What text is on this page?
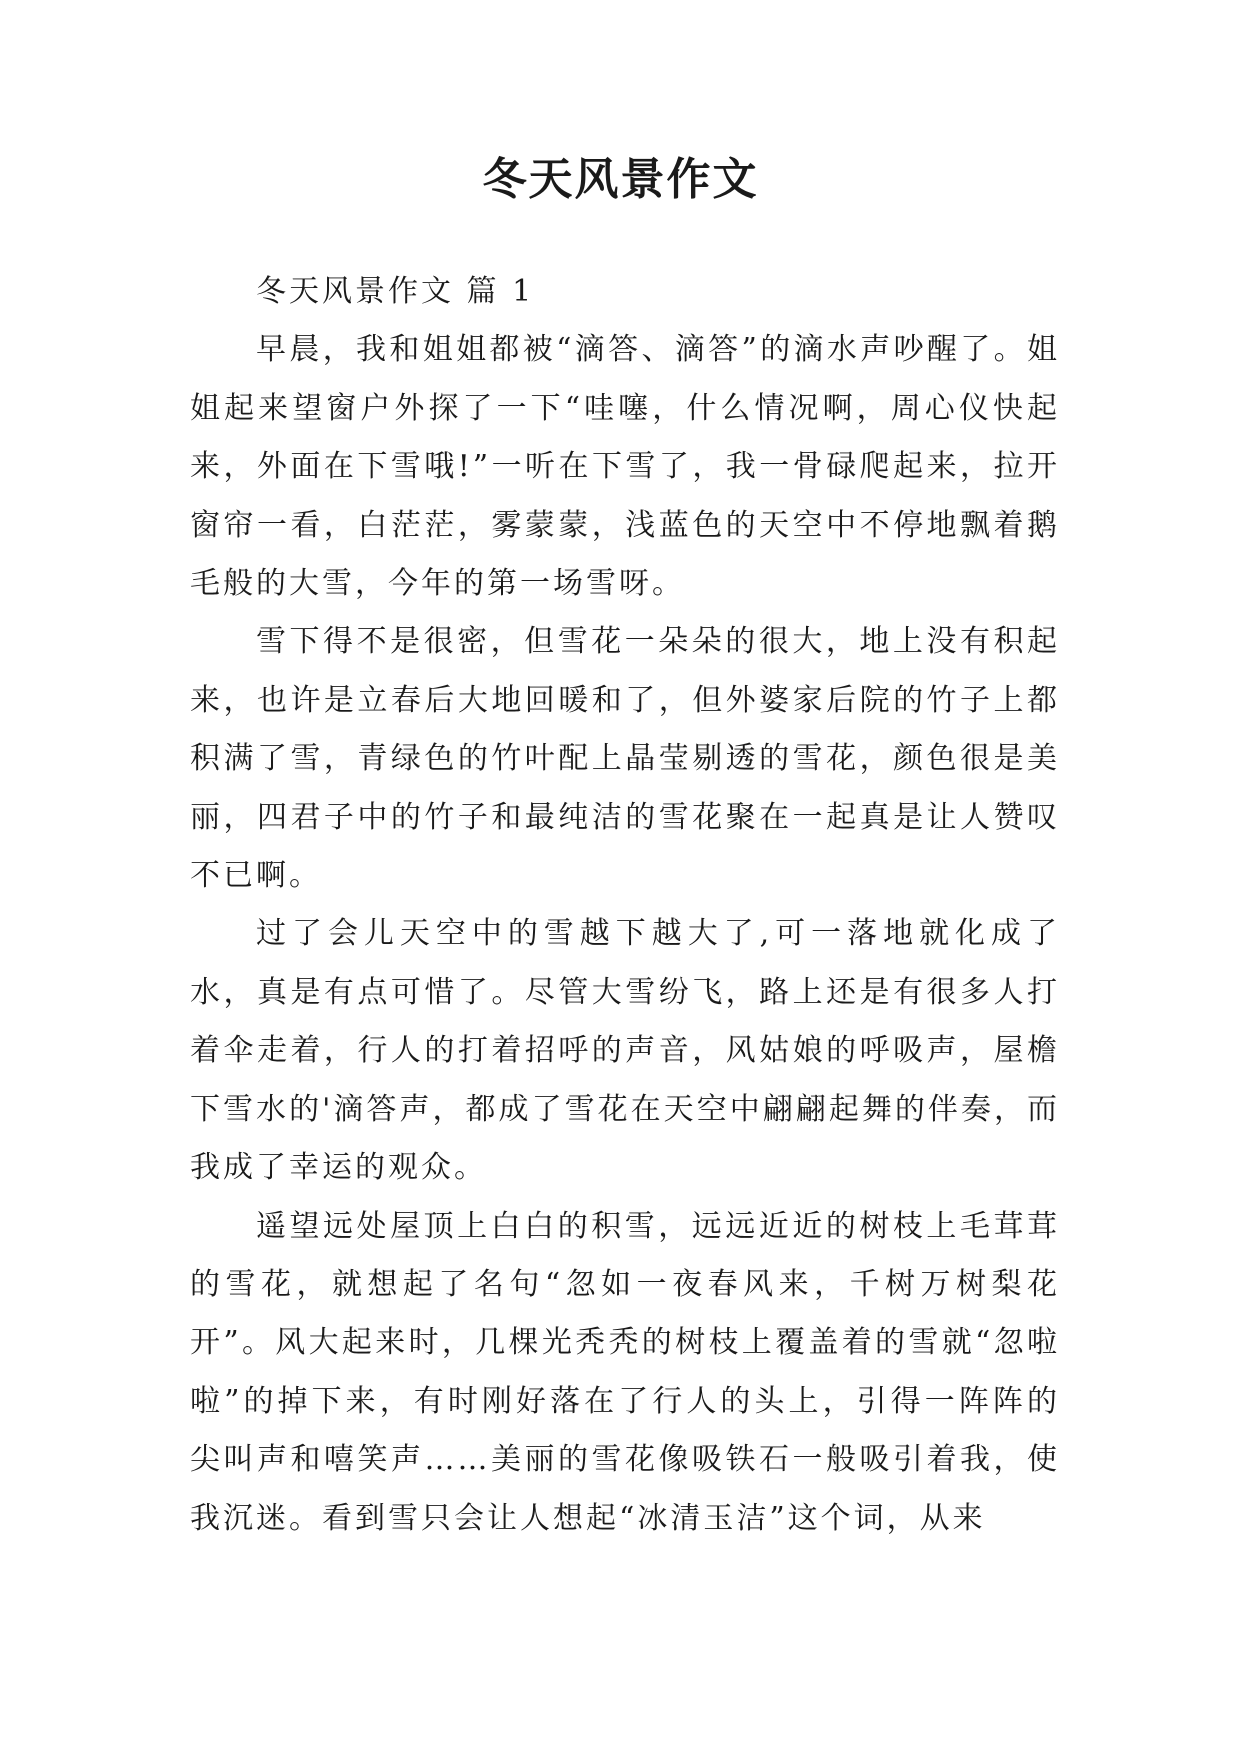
冬天风景作文

冬天风景作文 篇 1

早晨，我和姐姐都被“滴答、滴答”的滴水声吵醒了。姐姐起来望窗户外探了一下“哇噻，什么情况啊，周心仪快起来，外面在下雪哦!”一听在下雪了，我一骨碌爬起来，拉开窗帘一看，白茫茫，雾蒙蒙，浅蓝色的天空中不停地飘着鹅毛般的大雪，今年的第一场雪呀。

雪下得不是很密，但雪花一朵朵的很大，地上没有积起来，也许是立春后大地回暖和了，但外婆家后院的竹子上都积满了雪，青绿色的竹叶配上晶莹剔透的雪花，颜色很是美丽，四君子中的竹子和最纯洁的雪花聚在一起真是让人赞叹不已啊。

过了会儿天空中的雪越下越大了,可一落地就化成了水，真是有点可惜了。尽管大雪纷飞，路上还是有很多人打着伞走着，行人的打着招呼的声音，风姑娘的呼吸声，屋檐下雪水的'滴答声，都成了雪花在天空中翩翩起舞的伴奏，而我成了幸运的观众。

遥望远处屋顶上白白的积雪，远远近近的树枝上毛茸茸的雪花，就想起了名句“忽如一夜春风来，千树万树梨花开”。风大起来时，几棵光秃秃的树枝上覆盖着的雪就“忽啦啦”的掉下来，有时刚好落在了行人的头上，引得一阵阵的尖叫声和嘻笑声……美丽的雪花像吸铁石一般吸引着我，使我沉迷。看到雪只会让人想起“冰清玉洁”这个词，从来
